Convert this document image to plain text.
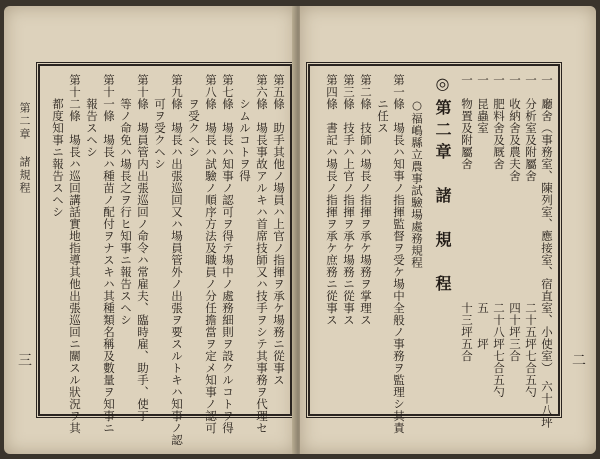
第二章 諸規程
三	第五條　助手其他ノ場員ハ上官ノ指揮ヲ承ケ場務ニ從事ス
第六條　場長事故アルキハ首席技師又ハ技手ヲシテ其事務ヲ代理セ
　　シムルコトヲ得
第七條　場長ハ知事ノ認可ヲ得テ場中ノ處務細則ヲ設クルコトヲ得
第八條　場長ハ試驗ノ順序方法及職員ノ分任擔當ヲ定メ知事ノ認可
　　ヲ受クヘシ
第九條　場長ハ出張巡回又ハ場員管外ノ出張ヲ要スルトキハ知事ノ認
　　可ヲ受クヘシ
第十條　場員管内出張巡回ノ命令ハ常雇夫、臨時雇、助手、使丁
　　等ノ命免ハ場長之ヲ行ヒ知事ニ報告スヘシ
第十一條　場長ハ種苗ノ配付ヲナスキハ其種類名稱及數量ヲ知事ニ
　　報告スヘシ
第十二條　場長ハ巡回講話實地指導其他出張巡回ニ關スル狀況ヲ其
　　都度知事ニ報告スヘシ
二
一　廳舍（事務室、陳列室、應接室、宿直室、小使室）　六十八坪
一　分析室及附屬舍　　　　　　　　　　二十五坪七合五勺
一　收納舍及農夫舍　　　　　　　　　　四十坪三合
一　肥料舍及厩舍　　　　　　　　　　　二十八坪七合五勺
一　昆蟲室　　　　　　　　　　　　　　五　　坪
一　物置及附屬舍　　　　　　　　　　　十三坪五合
◎第二章　諸　規　程
　　○福嶋縣立農事試驗場處務規程
第一條　場長ハ知事ノ指揮監督ヲ受ケ場中全般ノ事務ヲ監理シ其責
　　ニ任ス
第二條　技師ハ場長ノ指揮ヲ承ケ場務ヲ掌理ス
第三條　技手ハ上官ノ指揮ヲ承ケ場務ニ從事ス
第四條　書記ハ場長ノ指揮ヲ承ケ庶務ニ從事ス
